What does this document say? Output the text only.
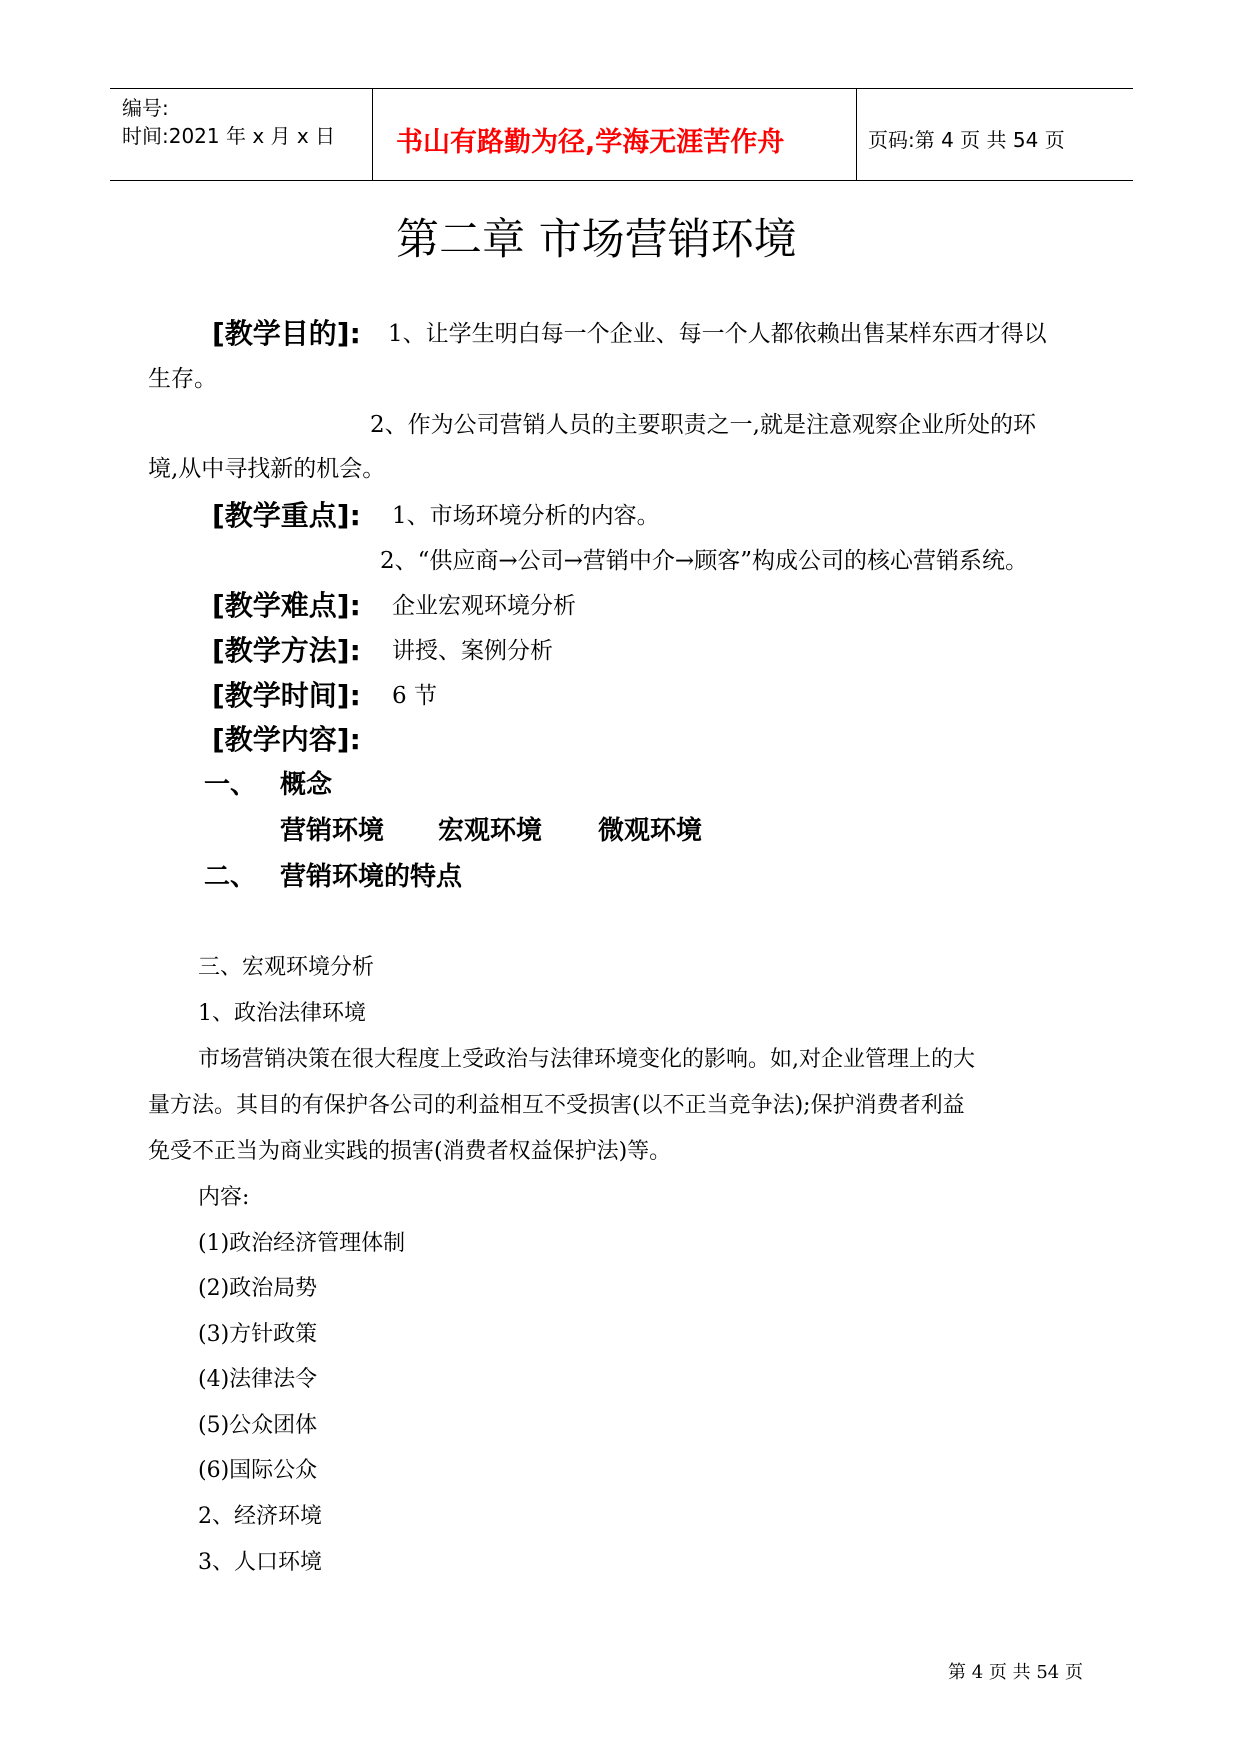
编号:
时间:2021 年 x 月 x 日 书山有路勤为径,学海无涯苦作舟	页码:第 4 页 共 54 页
第二章 市场营销环境
[教学目的]: 1、让学生明白每一个企业、每一个人都依赖出售某样东西才得以
生存。
2、作为公司营销人员的主要职责之一,就是注意观察企业所处的环
境,从中寻找新的机会。
[教学重点]: 1、市场环境分析的内容。
2、“供应商→公司→营销中介→顾客”构成公司的核心营销系统。
[教学难点]: 企业宏观环境分析
[教学方法]: 讲授、案例分析
[教学时间]: 6 节
[教学内容]:
一、 概念
营销环境 宏观环境 微观环境
二、 营销环境的特点
三、宏观环境分析
1、政治法律环境
市场营销决策在很大程度上受政治与法律环境变化的影响。如,对企业管理上的大
量方法。其目的有保护各公司的利益相互不受损害(以不正当竞争法);保护消费者利益
免受不正当为商业实践的损害(消费者权益保护法)等。
内容:
(1)政治经济管理体制
(2)政治局势
(3)方针政策
(4)法律法令
(5)公众团体
(6)国际公众
2、经济环境
3、人口环境
第 4 页 共 54 页
